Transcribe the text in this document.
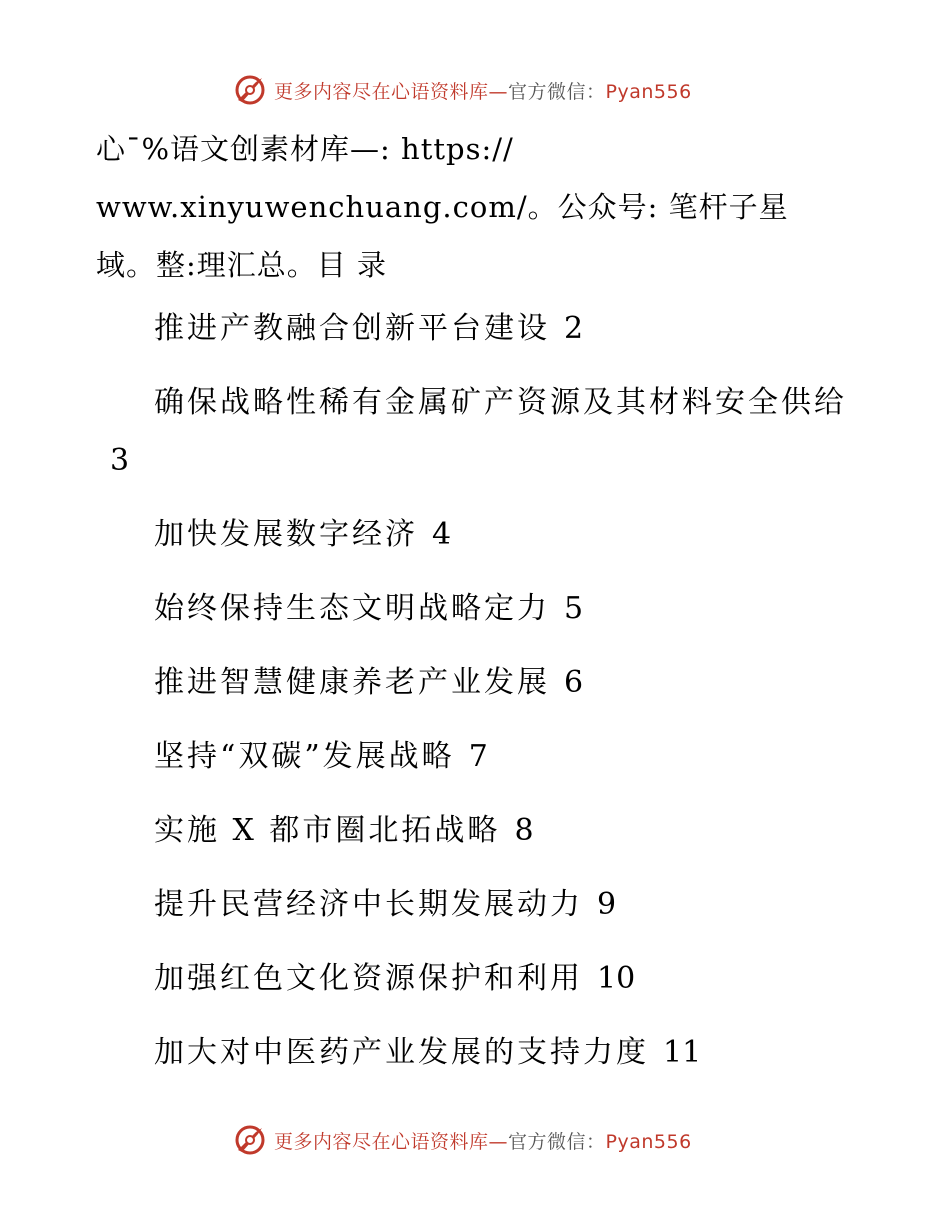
更多内容尽在心语资料库—官方微信：Pyan556
心¯%语文创素材库—: https://
www.xinyuwenchuang.com/。公众号: 笔杆子星
域。整:理汇总。目 录
推进产教融合创新平台建设 2
确保战略性稀有金属矿产资源及其材料安全供给3
加快发展数字经济 4
始终保持生态文明战略定力 5
推进智慧健康养老产业发展 6
坚持“双碳”发展战略 7
实施 X 都市圈北拓战略 8
提升民营经济中长期发展动力 9
加强红色文化资源保护和利用 10
加大对中医药产业发展的支持力度 11
更多内容尽在心语资料库—官方微信：Pyan556
